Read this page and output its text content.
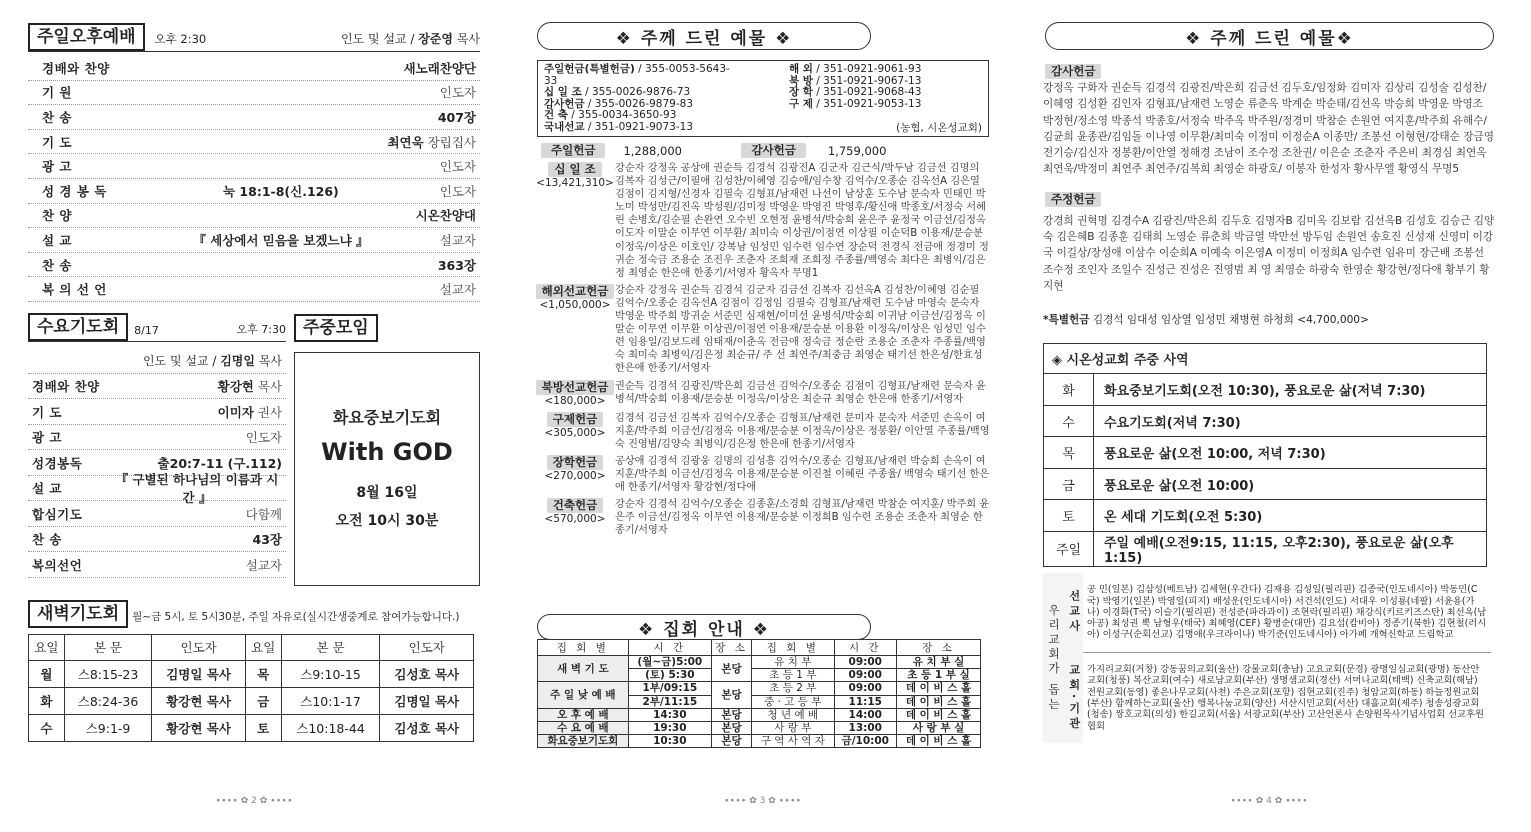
주일오후예배	오후 2:30	인도 및 설교 / 장준영 목사
경배와 찬양	새노래찬양단
기 원	인도자
찬 송	407장
기 도	최연욱 장립집사
광 고	인도자
성 경 봉 독	눅 18:1-8(신.126)	인도자
찬 양	시온찬양대
설 교	『 세상에서 믿음을 보겠느냐 』	설교자
찬 송	363장
복 의 선 언	설교자
수요기도회	8/17	오후 7:30
인도 및 설교 / 김명일 목사
경배와 찬양	황강현 목사
기 도	이미자 권사
광 고	인도자
성경봉독	출20:7-11 (구.112)
설 교
『 구별된 하나님의 이름과 시간 』
합심기도	다함께
찬 송	43장
복의선언	설교자
주중모임
화요중보기도회
With GOD
8월 16일
오전 10시 30분
새벽기도회	월~금 5시, 토 5시30분, 주일 자유로(실시간생중계로 참여가능합니다.)
요일	본 문	인도자	요일	본 문	인도자
월	스8:15-23	김명일 목사	목	스9:10-15	김성호 목사
화	스8:24-36	황강현 목사	금	스10:1-17	김명일 목사
수	스9:1-9	황강현 목사	토	스10:18-44	김성호 목사
∙∙∙∙ ✿ 2 ✿ ∙∙∙∙
❖ 주께 드린 예물 ❖
주일헌금(특별헌금) / 355-0053-5643-33
십 일 조 / 355-0026-9876-73
감사헌금 / 355-0026-9879-83
건 축 / 355-0034-3650-93
국내선교 / 351-0921-9073-13
해 외 / 351-0921-9061-93
북 방 / 351-0921-9067-13
장 학 / 351-0921-9068-43
구 제 / 351-0921-9053-13
(농협, 시온성교회)
주일헌금	1,288,000	감사헌금	1,759,000
십 일 조
<13,421,310>
강순자 강정옥 공상애 권순득 김경석 김광진A 김군자 김근식/박두남 김금선 김명의 김복자 김성근/이필애 김성찬/이혜영 김승애/임수창 김억수/오종순 김옥선A 김은열 김점이 김지형/신경자 김필숙 김형표/남재련 나선이 남상훈 도수남 문숙자 민태민 박노미 박성만/김진옥 박성원/김미정 박영운 박영진 박영후/황신애 박종호/서정숙 서혜린 손병호/김순필 손완연 오수빈 오현정 윤병석/박숭희 윤은주 윤정국 이금선/김정옥 이도자 이말순 이무연 이무환/ 최미숙 이상권/이점연 이상필 이순덕B 이용재/문승분 이정옥/이상은 이호인/ 강복남 임성민 임수련 임수연 장순덕 전경식 전금애 정경미 정귀순 정숙금 조용순 조진우 조춘자 조희재 조희정 주종률/백영숙 최다은 최병익/김은정 최영순 한은애 한종기/서영자 황옥자 무명1
해외선교헌금
<1,050,000>
강순자 강정옥 권순득 김경석 김군자 김금선 김복자 김선옥A 김성찬/이혜영 김순필 김억수/오종순 김옥선A 김점이 김정임 김필숙 김형표/남재련 도수남 마영숙 문숙자 박영운 박주희 방귀순 서준민 심재현/이미선 윤병석/박숭희 이귀남 이금선/김정옥 이말순 이무연 이무환 이상권/이점연 이용재/문승분 이용환 이정옥/이상은 임성민 임수련 임용일/김보드레 임태재/이춘옥 전금애 정숙금 정순란 조용순 조춘자 주종률/백영숙 최미숙 최병익/김은정 최순규/ 주 선 최연주/최중금 최영순 태기선 한은성/한효성 한은애 한종기/서영자
북방선교헌금
<180,000>
권순득 김경석 김광진/박은희 김금선 김억수/오종순 김점이 김형표/남재련 문숙자 윤병석/박숭희 이용재/문승분 이정옥/이상은 최순규 최영순 한은애 한종기/서영자
구제헌금
<305,000>
김경석 김금선 김복자 김억수/오종순 김형표/남재련 문미자 문숙자 서준민 손옥이 여지훈/박주희 이금선/김정옥 이용재/문승분 이정옥/이상은 정봉환/ 이안열 주종률/백영숙 진영범/김양숙 최병익/김은정 한은애 한종기/서영자
장학헌금
<270,000>
공상애 김경석 김광웅 김명의 김성흥 김억수/오종순 김형표/남재련 박승희 손옥이 여지훈/박주희 이금선/김정옥 이용재/문승분 이진철 이혜린 주종율/ 백영숙 태기선 한은애 한종기/서영자 황강현/정다애
건축헌금
<570,000>
강순자 김경석 김억수/오종순 김종훈/소경희 김형표/남재련 박참순 여지훈/ 박주희 윤은주 이금선/김정옥 이무연 이용재/문승분 이정희B 임수련 조용순 조춘자 최영순 한종기/서영자
❖ 집회 안내 ❖
집 회 별	시 간	장 소	집 회 별	시 간	장 소
새 벽 기 도	(월~금)5:00	본당	유 치 부	09:00	유 치 부 실
	(토) 5:30		초 등 1 부	09:00	초 등 1 부 실
주 일 낮 예 배	1부/09:15	본당	초 등 2 부	09:00	데 이 비 스 홀
	2부/11:15		중 · 고 등 부	11:15	데 이 비 스 홀
오 후 예 배	14:30	본당	청 년 예 배	14:00	데 이 비 스 홀
수 요 예 배	19:30	본당	사 랑 부	13:00	사 랑 부 실
화요중보기도회	10:30	본당	구 역 사 역 자	금/10:00	데 이 비 스 홀
∙∙∙∙ ✿ 3 ✿ ∙∙∙∙
❖ 주께 드린 예물❖
감사헌금
강정옥 구화자 권순득 김경석 김광진/박은희 김금선 김두호/임정화 김미자 김상리 김성술 김성찬/이혜영 김성환 김인자 김형표/남재련 노영순 류춘옥 박계순 박순태/김선옥 박승희 박영운 박영조 박정현/정소영 박종석 박종호/서정숙 박주옥 박주원/정경미 박참순 손원연 여지훈/박주희 유해수/김균희 윤종관/김임돌 이나영 이무환/최미숙 이정미 이정순A 이종만/ 조봉선 이형현/강태순 장금영 전기승/김신자 정봉환/이안열 정해경 조남이 조수정 조찬권/ 이은순 조춘자 주은비 최경심 최연옥 최연욱/박정미 최연주 최연주/김복희 최영순 하광호/ 이봉자 한성자 황사무엘 황영식 무명5
주정헌금
강경희 권혁명 김경수A 김광진/박은희 김두호 김명자B 김미옥 김보람 김선옥B 김성호 김승근 김양숙 김은혜B 김종훈 김태희 노영순 류춘희 박금열 박만선 방두임 손원연 송호진 신성재 신영미 이강국 이길상/장성애 이삼수 이순희A 이예숙 이은영A 이정미 이정희A 임수련 임유미 장근배 조봉선 조수정 조인자 조일수 진성근 진성은 진영범 최 영 최영순 하광숙 한영순 황강현/정다애 황부기 황지현
*특별헌금 김경석 임대성 임상열 임성민 채병현 하청희 <4,700,000>
◈ 시온성교회 주중 사역	
화	화요중보기도회(오전 10:30), 풍요로운 삶(저녁 7:30)
수	수요기도회(저녁 7:30)
목	풍요로운 삶(오전 10:00, 저녁 7:30)
금	풍요로운 삶(오전 10:00)
토	온 세대 기도회(오전 5:30)
주일	주일 예배(오전9:15, 11:15, 오후2:30), 풍요로운 삶(오후1:15)
우리교회가 돕는	선교사	공 민(일본) 김삼성(베트남) 김세현(우간다) 김재용 김성일(필리핀) 김종국(인도네시아) 박동민(C국) 박영기(일본) 박영일(피지) 배성운(인도네시아) 서건석(인도) 서대우 이성룡(네팔) 서윤용(가나) 이경화(T국) 이슬기(필리핀) 전성준(파라과이) 조현락(필리핀) 채강식(키르키즈스탄) 최선옥(남아공) 최성권 뿍 남형우(태국) 최혜영(CEF) 황병순(대만) 김요섭(캄비아) 정종기(북한) 김현철(러시아) 이성구(순회선교) 김명애(우크라이나) 박기준(인도네시아) 아가페 개혁신학교 드림학교
	교회·기관	가지리교회(거창) 강동꿈의교회(울산) 강물교회(충남) 고요교회(문경) 광명일심교회(광명) 동산안교회(청풍) 복산교회(여수) 새로남교회(부산) 생명샘교회(경산) 서머나교회(태백) 신축교회(해남) 전원교회(동영) 좋은나무교회(사천) 주은교회(포항) 집현교회(진주) 청암교회(하동) 하늘정원교회(부산) 함께하는교회(울산) 행복나눔교회(양산) 서산시민교회(서산) 대흘교회(제주) 청송성광교회(청송) 쌍호교회(의성) 한길교회(서울) 서광교회(부산) 고산언론사 손양원목사기념사업회 선교후원협회
∙∙∙∙ ✿ 4 ✿ ∙∙∙∙
